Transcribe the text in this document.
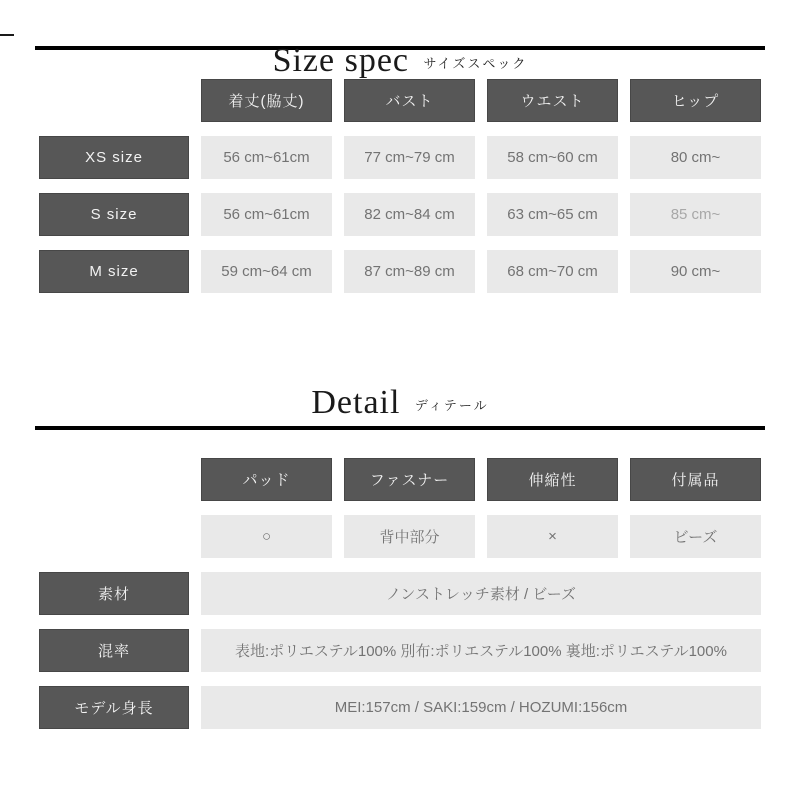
Size spec サイズスペック
着丈(脇丈)	バスト	ウエスト	ヒップ
XS size	56 cm~61cm	77 cm~79 cm	58 cm~60 cm	80 cm~
S size	56 cm~61cm	82 cm~84 cm	63 cm~65 cm	85 cm~
M size	59 cm~64 cm	87 cm~89 cm	68 cm~70 cm	90 cm~
Detail ディテール
パッド	ファスナー	伸縮性	付属品
○	背中部分	×	ビーズ
素材	ノンストレッチ素材 / ビーズ
混率	表地:ポリエステル100% 別布:ポリエステル100% 裏地:ポリエステル100%
モデル身長	MEI:157cm / SAKI:159cm / HOZUMI:156cm
